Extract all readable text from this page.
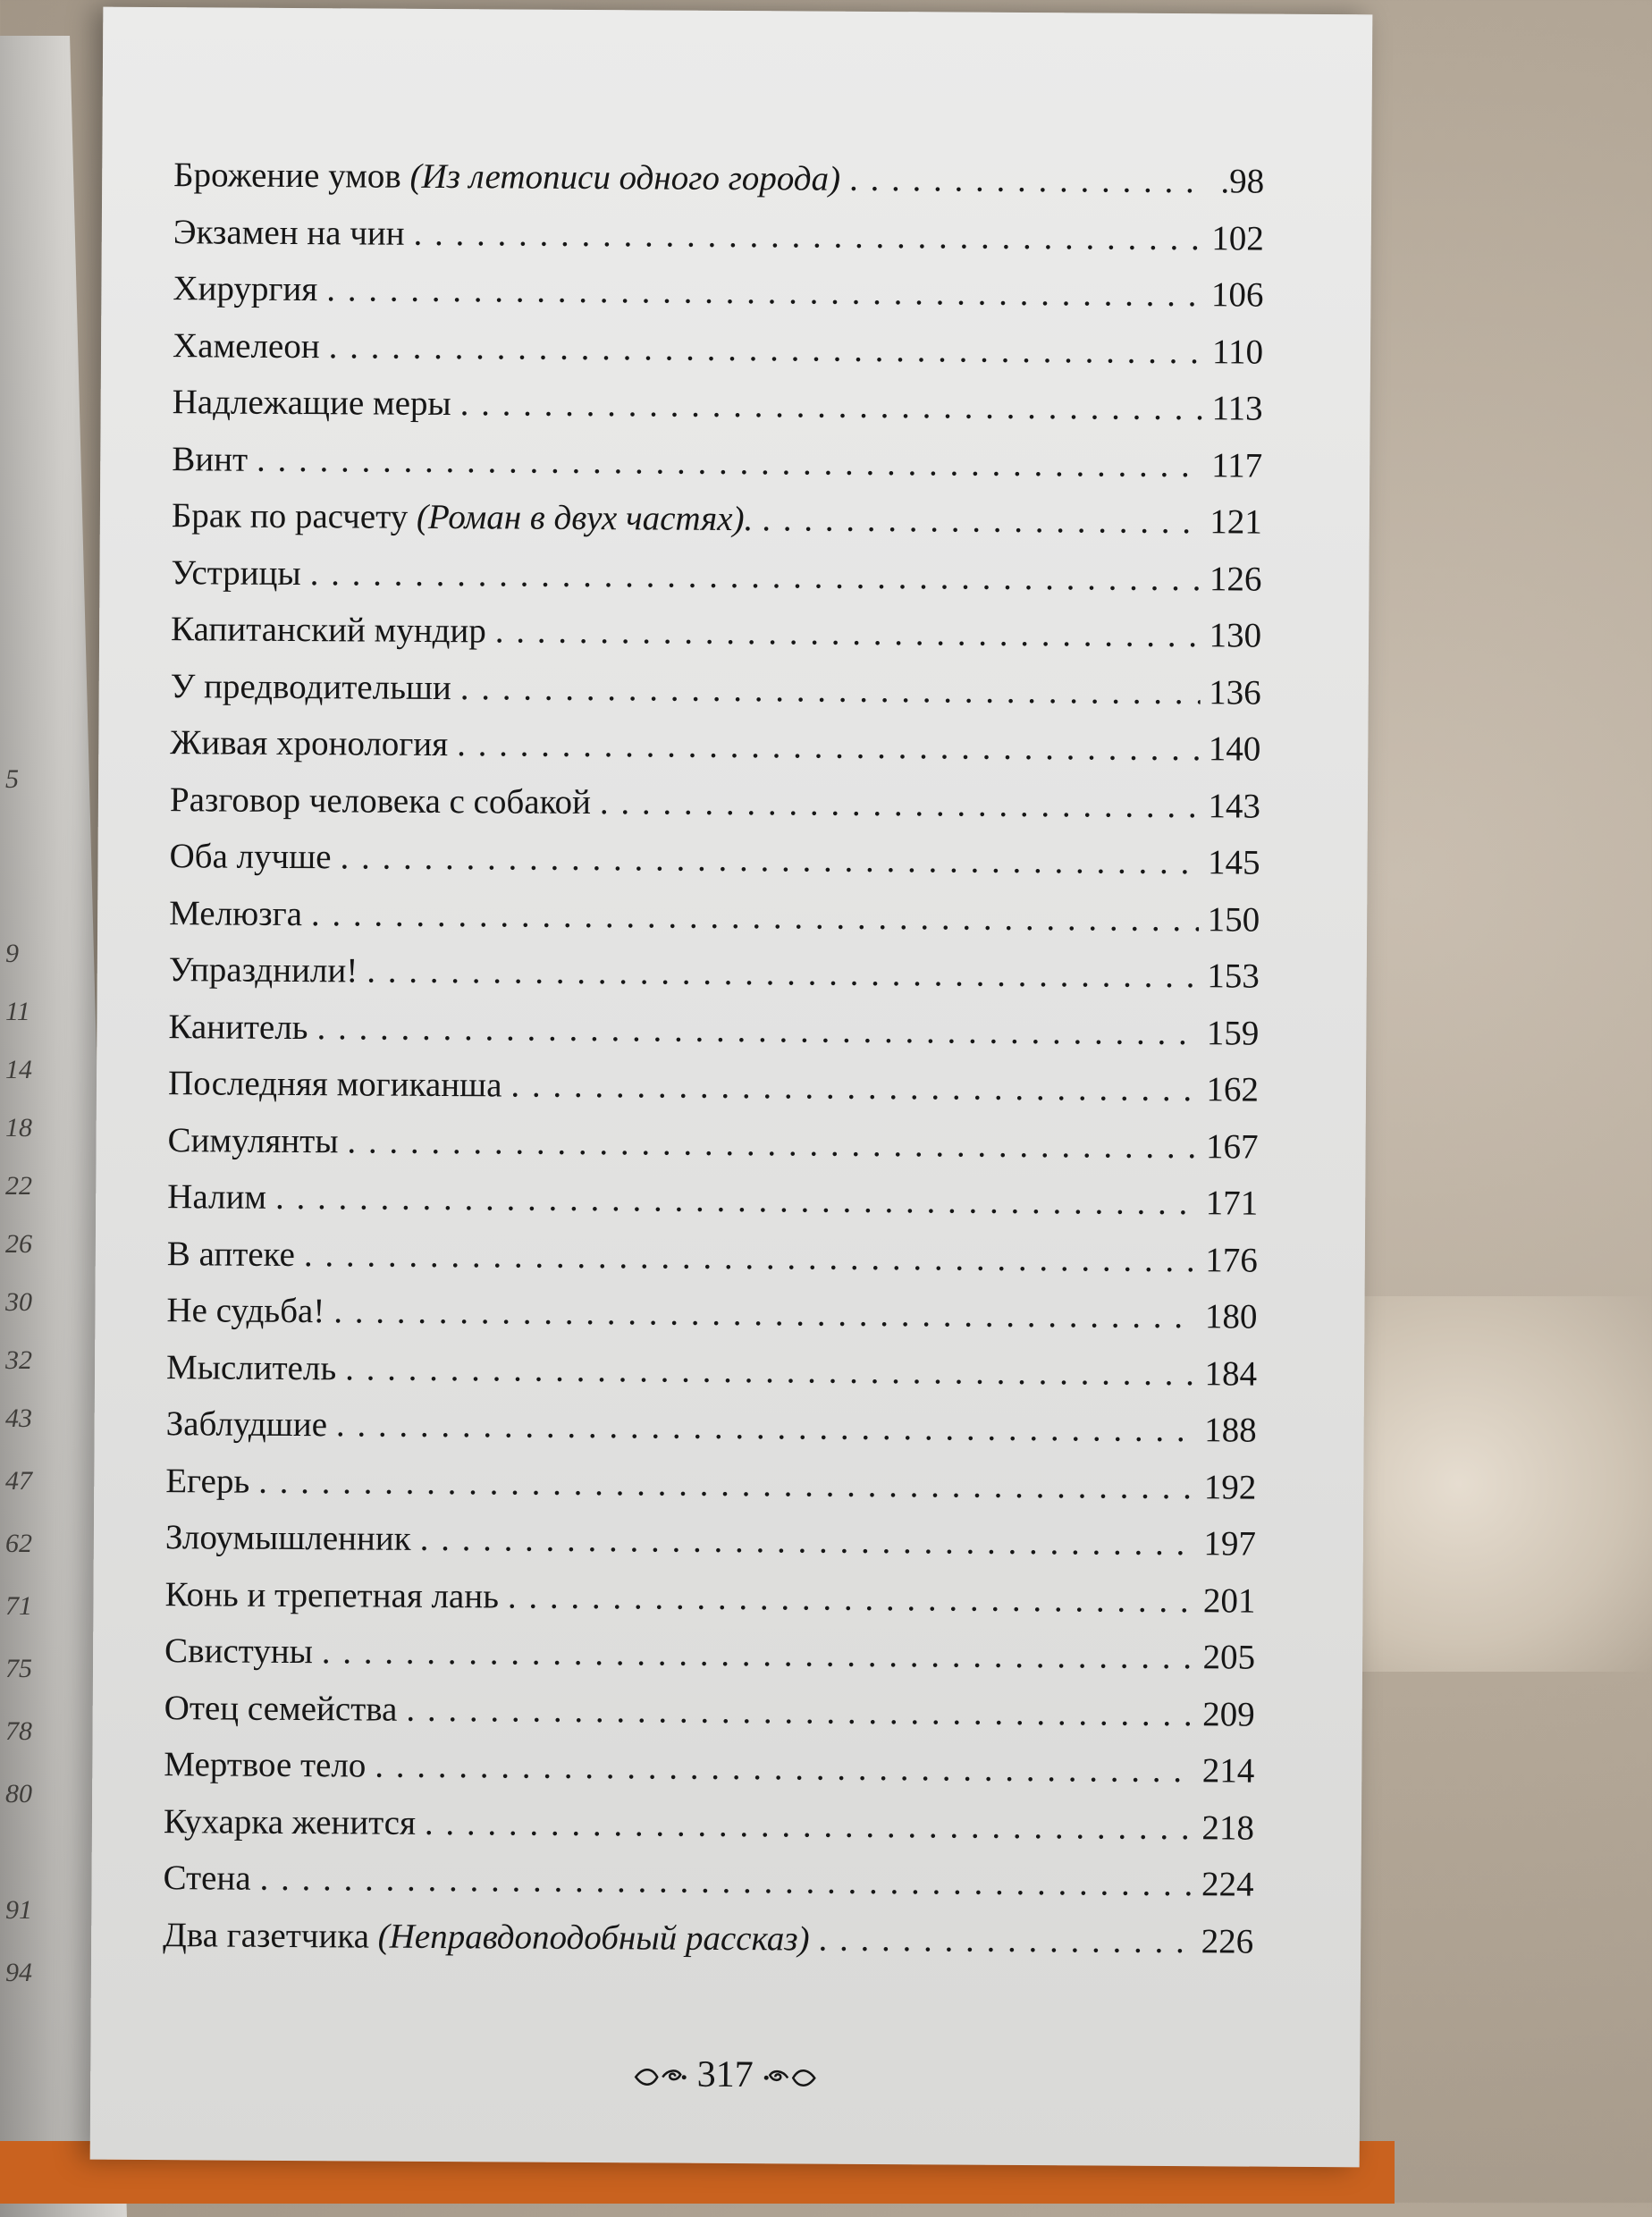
5
9
11
14
18
22
26
30
32
43
47
62
71
75
78
80
91
94
Брожение умов (Из летописи одного города) . . .	.98
Экзамен на чин . . .	102
Хирургия . . .	106
Хамелеон . . .	110
Надлежащие меры . . .	113
Винт . . .	117
Брак по расчету (Роман в двух частях). . . .	121
Устрицы . . .	126
Капитанский мундир . . .	130
У предводительши . . .	136
Живая хронология . . .	140
Разговор человека с собакой . . .	143
Оба лучше . . .	145
Мелюзга . . .	150
Упразднили! . . .	153
Канитель . . .	159
Последняя могиканша . . .	162
Симулянты . . .	167
Налим . . .	171
В аптеке . . .	176
Не судьба! . . .	180
Мыслитель . . .	184
Заблудшие . . .	188
Егерь . . .	192
Злоумышленник . . .	197
Конь и трепетная лань . . .	201
Свистуны . . .	205
Отец семейства . . .	209
Мертвое тело . . .	214
Кухарка женится . . .	218
Стена . . .	224
Два газетчика (Неправдоподобный рассказ) . . .	226
317
